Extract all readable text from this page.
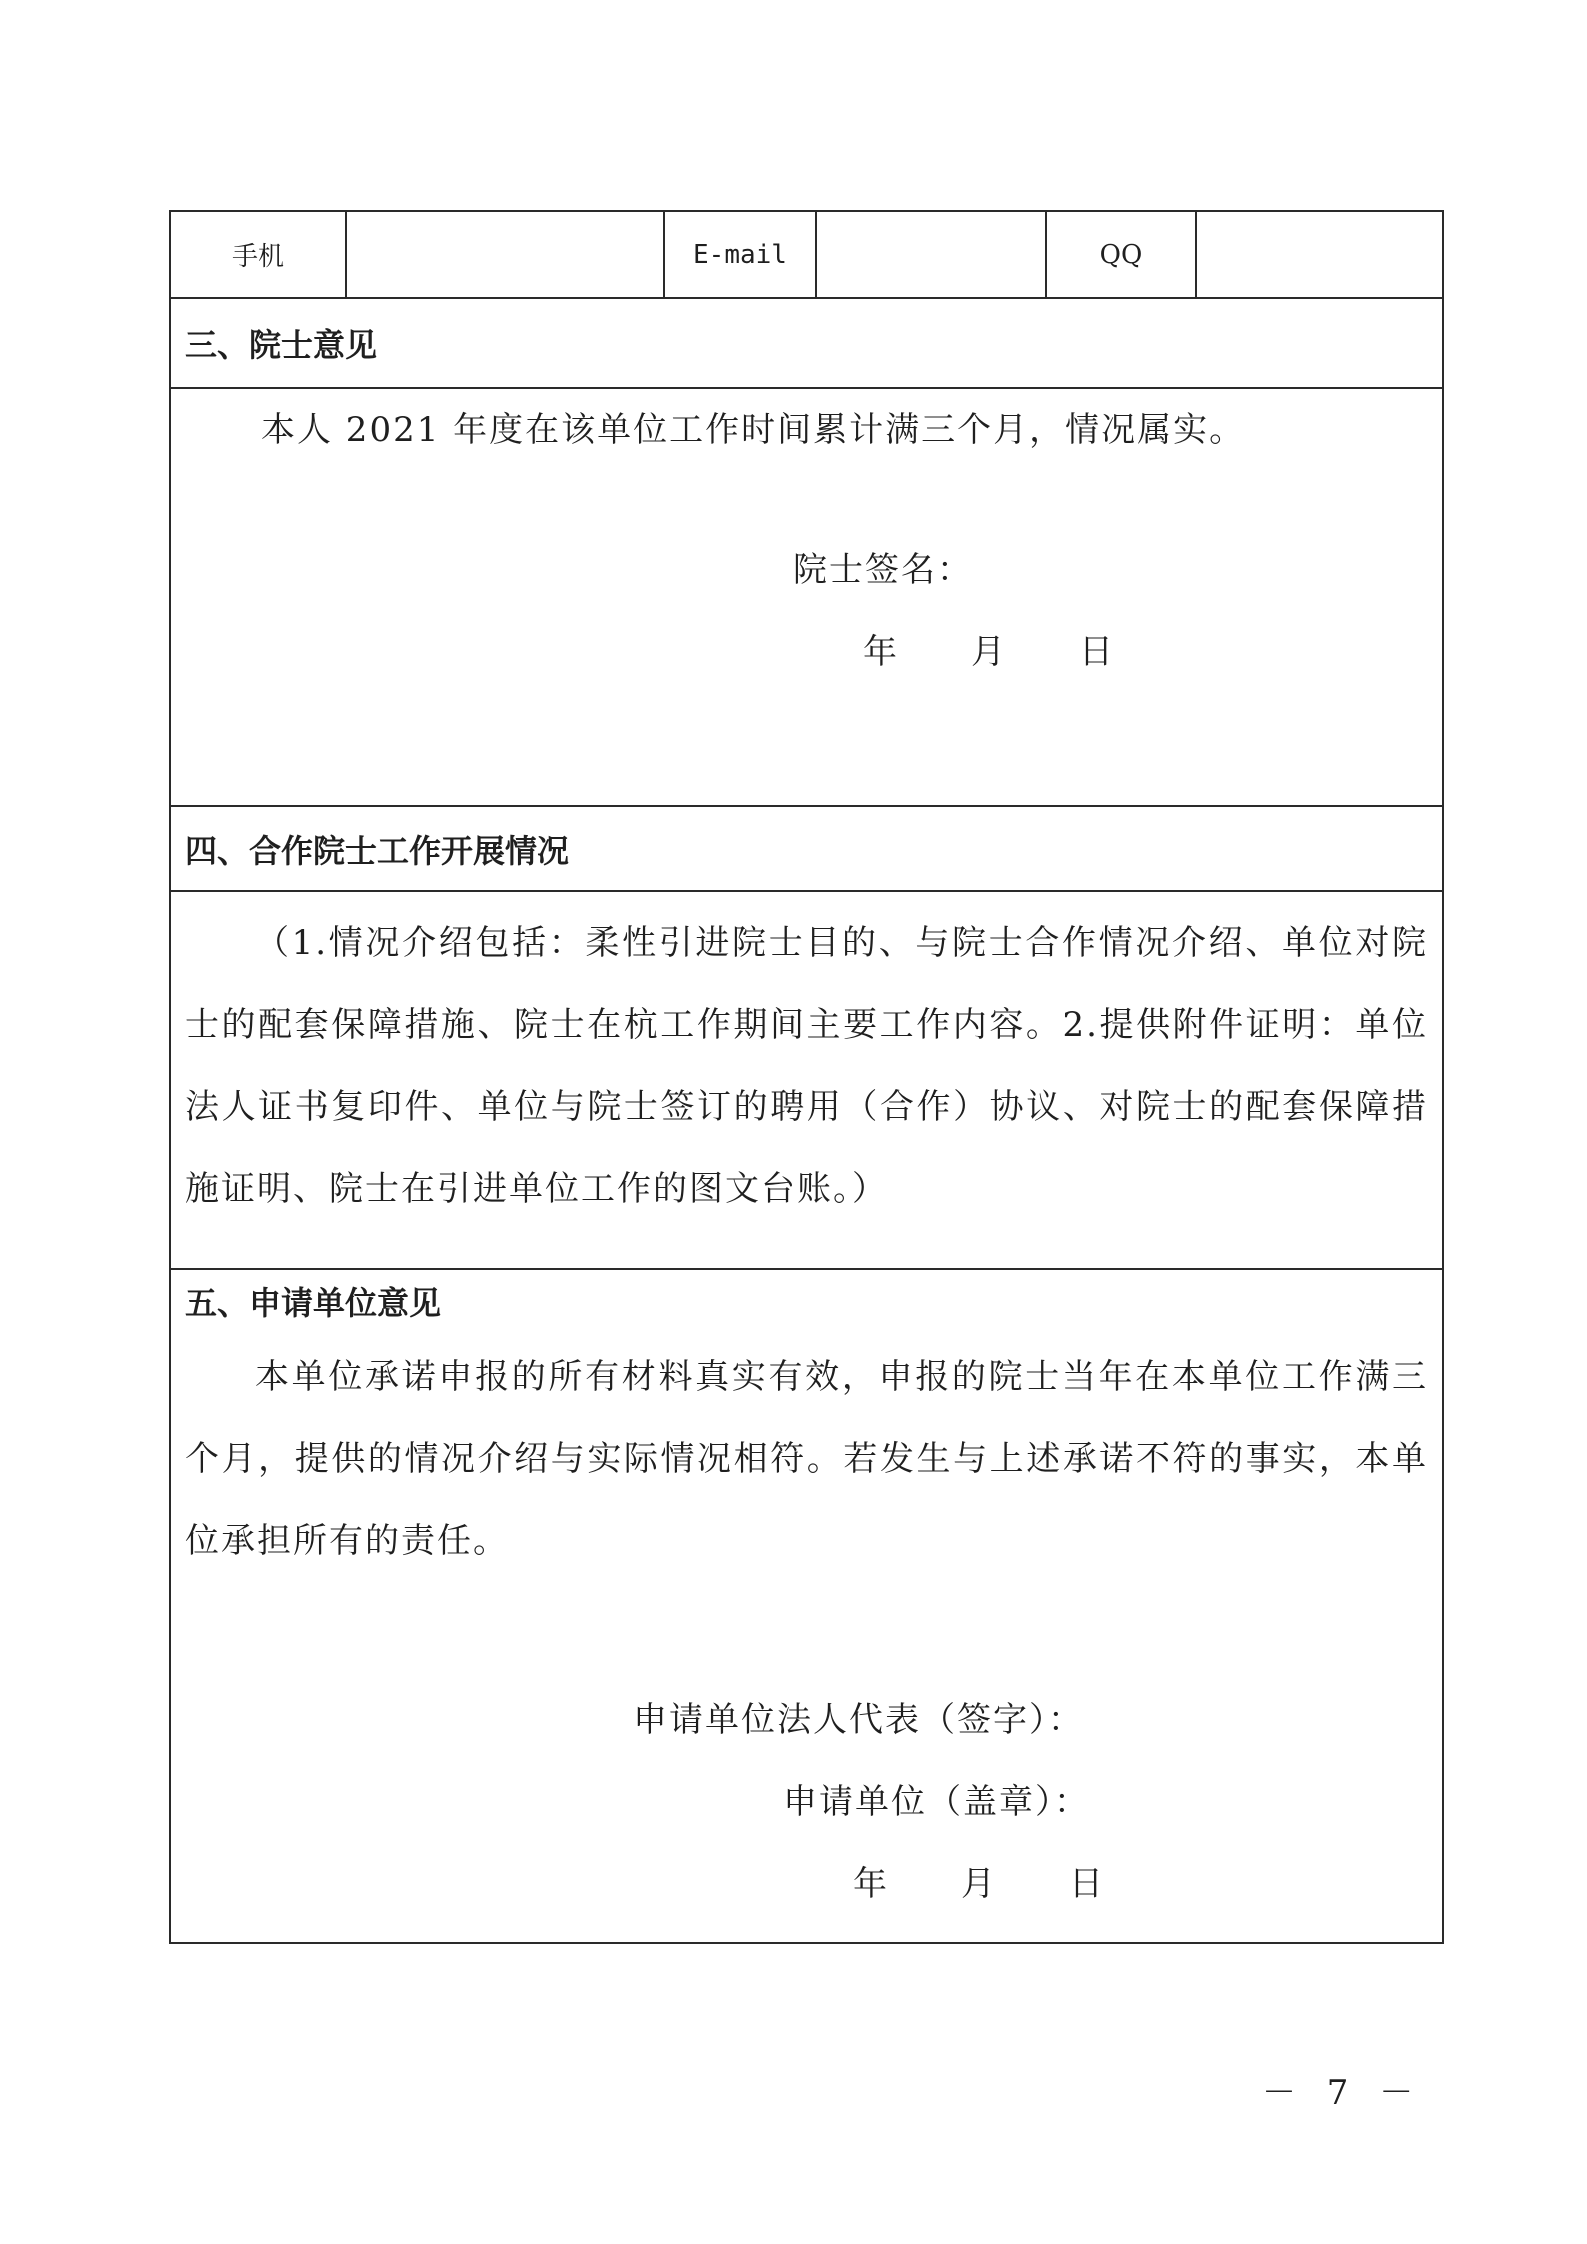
手机	E-mail	QQ
三、院士意见
本人 2021 年度在该单位工作时间累计满三个月，情况属实。
院士签名：
年　　月　　日
四、合作院士工作开展情况
（1.情况介绍包括：柔性引进院士目的、与院士合作情况介绍、单位对院士的配套保障措施、院士在杭工作期间主要工作内容。2.提供附件证明：单位法人证书复印件、单位与院士签订的聘用（合作）协议、对院士的配套保障措施证明、院士在引进单位工作的图文台账。）
五、申请单位意见
本单位承诺申报的所有材料真实有效，申报的院士当年在本单位工作满三个月，提供的情况介绍与实际情况相符。若发生与上述承诺不符的事实，本单位承担所有的责任。
申请单位法人代表（签字）：
申请单位（盖章）：
年　　月　　日
－ 7 －
